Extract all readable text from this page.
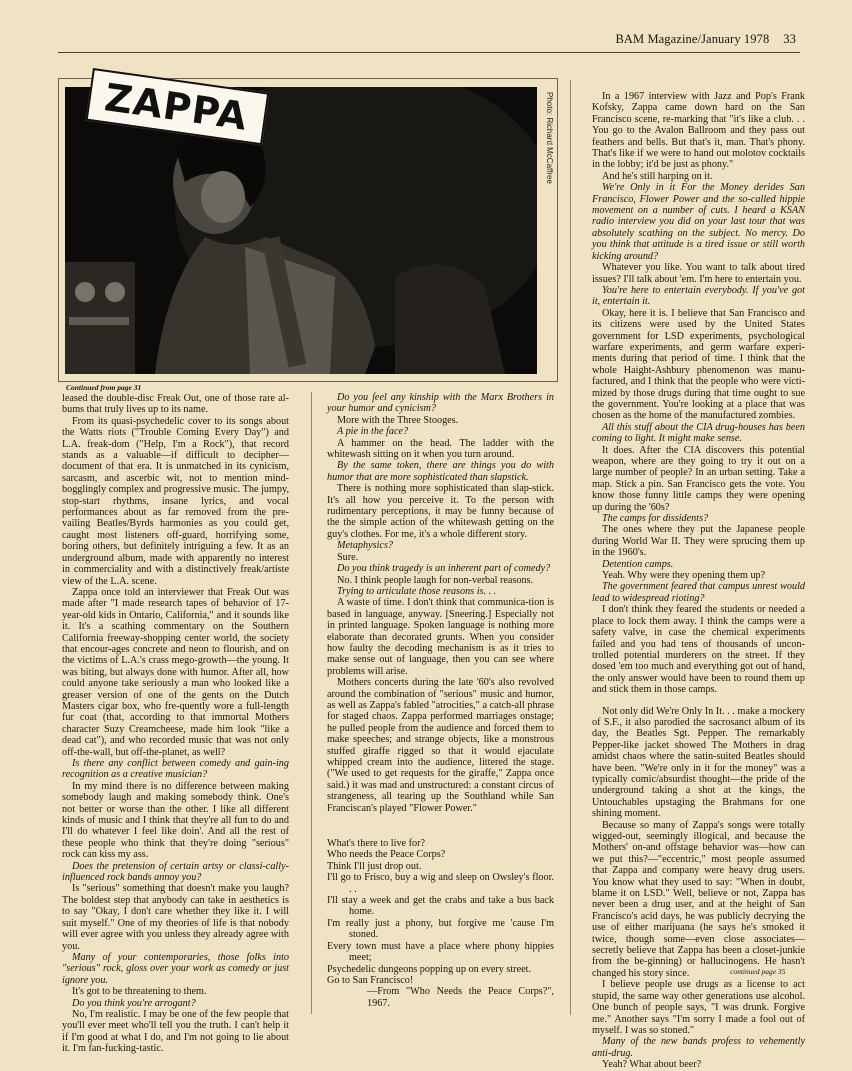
BAM Magazine/January 1978 33
Photo: Richard McCaffree
ZAPPA
Continued from page 31

leased the double-disc Freak Out, one of those rare al-bums that truly lives up to its name.

From its quasi-psychedelic cover to its songs about the Watts riots ("Trouble Coming Every Day") and L.A. freak-dom ("Help, I'm a Rock"), that record stands as a valuable—if difficult to decipher—document of that era. It is unmatched in its cynicism, sarcasm, and ascerbic wit, not to mention mind-bogglingly complex and progressive music. The jumpy, stop-start rhythms, insane lyrics, and vocal performances about as far removed from the pre-vailing Beatles/Byrds harmonies as you could get, caught most listeners off-guard, horrifying some, boring others, but definitely intriguing a few. It as an underground album, made with apparently no interest in commerciality and with a distinctively freak/artiste view of the L.A. scene.

Zappa once told an interviewer that Freak Out was made after "I made research tapes of behavior of 17-year-old kids in Ontario, California," and it sounds like it. It's a scathing commentary on the Southern California freeway-shopping center world, the society that encour-ages concrete and neon to flourish, and on the victims of L.A.'s crass mego-growth—the young. It was biting, but always done with humor. After all, how could anyone take seriously a man who looked like a greaser version of one of the gents on the Dutch Masters cigar box, who fre-quently wore a full-length fur coat (that, according to that immortal Mothers character Suzy Creamcheese, made him look "like a dead cat"), and who recorded music that was not only off-the-wall, but off-the-planet, as well?

Is there any conflict between comedy and gain-ing recognition as a creative musician?

In my mind there is no difference between making somebody laugh and making somebody think. One's not better or worse than the other. I like all different kinds of music and I think that they're all fun to do and I'll do whatever I feel like doin'. And all the rest of these people who think that they're doing "serious" rock can kiss my ass.

Does the pretension of certain artsy or classi-cally-influenced rock bands annoy you?

Is "serious" something that doesn't make you laugh? The boldest step that anybody can take in aesthetics is to say "Okay, I don't care whether they like it. I will suit myself." One of my theories of life is that nobody will ever agree with you unless they already agree with you.

Many of your contemporaries, those folks into "serious" rock, gloss over your work as comedy or just ignore you.

It's got to be threatening to them.

Do you think you're arrogant?

No, I'm realistic. I may be one of the few people that you'll ever meet who'll tell you the truth. I can't help it if I'm good at what I do, and I'm not going to lie about it. I'm fan-fucking-tastic.

Do you feel any kinship with the Marx Brothers in your humor and cynicism?

More with the Three Stooges.

A pie in the face?

A hammer on the head. The ladder with the whitewash sitting on it when you turn around.

By the same token, there are things you do with humor that are more sophisticated than slapstick.

There is nothing more sophisticated than slap-stick. It's all how you perceive it. To the person with rudimentary perceptions, it may be funny because of the the simple action of the whitewash getting on the guy's clothes. For me, it's a whole different story.

Metaphysics?

Sure.

Do you think tragedy is an inherent part of comedy?

No. I think people laugh for non-verbal reasons.

Trying to articulate those reasons is. . .

A waste of time. I don't think that communica-tion is based in language, anyway. [Sneering.] Especially not in printed language. Spoken language is nothing more elaborate than decorated grunts. When you consider how faulty the decoding mechanism is as it tries to make sense out of language, then you can see where problems will arise.

Mothers concerts during the late '60's also revolved around the combination of "serious" music and humor, as well as Zappa's fabled "atrocities," a catch-all phrase for staged chaos. Zappa performed marriages onstage; he pulled people from the audience and forced them to make speeches; and strange objects, like a monstrous stuffed giraffe rigged so that it would ejaculate whipped cream into the audience, littered the stage. ("We used to get requests for the giraffe," Zappa once said.) it was mad and unstructured: a constant circus of strangeness, all tearing up the Southland while San Franciscan's played "Flower Power."

What's there to live for?
Who needs the Peace Corps?
Think I'll just drop out.
I'll go to Frisco, buy a wig and sleep on Owsley's floor. . .
I'll stay a week and get the crabs and take a bus back home.
I'm really just a phony, but forgive me 'cause I'm stoned.
Every town must have a place where phony hippies meet;
Psychedelic dungeons popping up on every street.
Go to San Francisco!
—From "Who Needs the Peace Corps?", 1967.

In a 1967 interview with Jazz and Pop's Frank Kofsky, Zappa came down hard on the San Francisco scene, re-marking that "it's like a club. . . You go to the Avalon Ballroom and they pass out feathers and bells. But that's it, man. That's phony. That's like if we were to hand out molotov cocktails in the lobby; it'd be just as phony."

And he's still harping on it.

We're Only in it For the Money derides San Francisco, Flower Power and the so-called hippie movement on a number of cuts. I heard a KSAN radio interview you did on your last tour that was absolutely scathing on the subject. No mercy. Do you think that attitude is a tired issue or still worth kicking around?

Whatever you like. You want to talk about tired issues? I'll talk about 'em. I'm here to entertain you.

You're here to entertain everybody. If you've got it, entertain it.

Okay, here it is. I believe that San Francisco and its citizens were used by the United States government for LSD experiments, psychological warfare experiments, and germ warfare experi-ments during that period of time. I think that the whole Haight-Ashbury phenomenon was manu-factured, and I think that the people who were victi-mized by those drugs during that time ought to sue the government. You're looking at a place that was chosen as the home of the manufactured zombies.

All this stuff about the CIA drug-houses has been coming to light. It might make sense.

It does. After the CIA discovers this potential weapon, where are they going to try it out on a large number of people? In an urban setting. Take a map. Stick a pin. San Francisco gets the vote. You know those funny little camps they were opening up during the '60s?

The camps for dissidents?

The ones where they put the Japanese people during World War II. They were sprucing them up in the 1960's.

Detention camps.

Yeah. Why were they opening them up?

The government feared that campus unrest would lead to widespread rioting?

I don't think they feared the students or needed a place to lock them away. I think the camps were a safety valve, in case the chemical experiments failed and you had tens of thousands of uncon-trolled potential murderers on the street. If they dosed 'em too much and everything got out of hand, the only answer would have been to round them up and stick them in those camps.

Not only did We're Only In It. . . make a mockery of S.F., it also parodied the sacrosanct album of its day, the Beatles Sgt. Pepper. The remarkably Pepper-like jacket showed The Mothers in drag amidst chaos where the satin-suited Beatles should have been. "We're only in it for the money" was a typically comic/absurdist thought—the pride of the underground taking a shot at the kings, the Untouchables upstaging the Brahmans for one shining moment.

Because so many of Zappa's songs were totally wigged-out, seemingly illogical, and because the Mothers' on-and offstage behavior was—how can we put this?—"eccentric," most people assumed that Zappa and company were heavy drug users. You know what they used to say: "When in doubt, blame it on LSD." Well, believe or not, Zappa has never been a drug user, and at the height of San Francisco's acid days, he was publicly decrying the use of either marijuana (he says he's smoked it twice, though some—even close associates—secretly believe that Zappa has been a closet-junkie from the be-ginning) or hallucinogens. He hasn't changed his story since.

I believe people use drugs as a license to act stupid, the same way other generations use alcohol. One bunch of people says, "I was drunk. Forgive me." Another says "I'm sorry I made a fool out of myself. I was so stoned."

Many of the new bands profess to vehemently anti-drug.

Yeah? What about beer?

continued page 35
